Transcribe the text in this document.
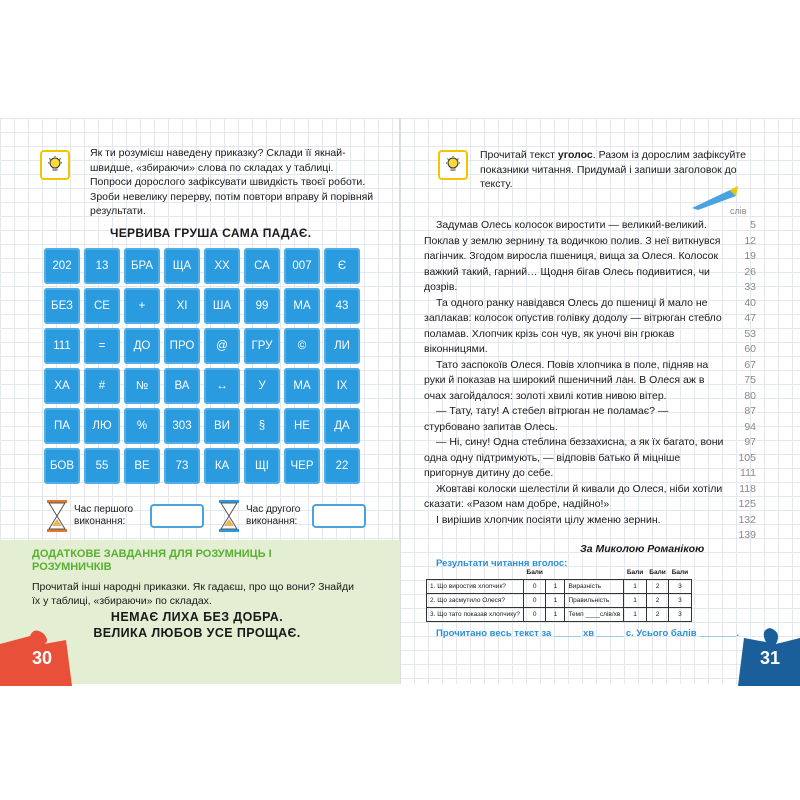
Як ти розумієш наведену приказку? Склади її якнайшвидше, «збираючи» слова по складах у таблиці. Попроси дорослого зафіксувати швидкість твоєї роботи. Зроби невелику перерву, потім повтори вправу й порівняй результати.
ЧЕРВИВА ГРУША САМА ПАДАЄ.
202	13	БРА	ЩА	ХХ	СА	007	Є
БЕЗ	СЕ	+	ХІ	ША	99	МА	43
111	=	ДО	ПРО	@	ГРУ	©	ЛИ
ХА	#	№	ВА	↔	У	МА	ІХ
ПА	ЛЮ	%	303	ВИ	§	НЕ	ДА
БОВ	55	ВЕ	73	КА	ЩІ	ЧЕР	22
Час першого виконання:
Час другого виконання:
ДОДАТКОВЕ ЗАВДАННЯ ДЛЯ РОЗУМНИЦЬ І РОЗУМНИЧКІВ
Прочитай інші народні приказки. Як гадаєш, про що вони? Знайди їх у таблиці, «збираючи» по складах.
НЕМАЄ ЛИХА БЕЗ ДОБРА.
ВЕЛИКА ЛЮБОВ УСЕ ПРОЩАЄ.
30
Прочитай текст уголос. Разом із дорослим зафіксуйте показники читання. Придумай і запиши заголовок до тексту.
слів

Задумав Олесь колосок виростити — великий-великий. Поклав у землю зернину та водичкою полив. З неї виткнувся пагінчик. Згодом виросла пшениця, вища за Олеся. Колосок важкий такий, гарний… Щодня бігав Олесь подивитися, чи дозрів.

Та одного ранку навідався Олесь до пшениці й мало не заплакав: колосок опустив голівку додолу — вітрюган стебло поламав. Хлопчик крізь сон чув, як уночі він грюкав віконницями.

Тато заспокоїв Олеся. Повів хлопчика в поле, підняв на руки й показав на широкий пшеничний лан. В Олеся аж в очах загойдалося: золоті хвилі котив нивою вітер.

— Тату, тату! А стебел вітрюган не поламає? — стурбовано запитав Олесь.

— Ні, сину! Одна стеблина беззахисна, а як їх багато, вони одна одну підтримують, — відповів батько й міцніше пригорнув дитину до себе.

Жовтаві колоски шелестіли й кивали до Олеся, ніби хотіли сказати: «Разом нам добре, надійно!»

І вирішив хлопчик посіяти цілу жменю зернин.

5
12
19
26
33
40
47
53
60
67
75
80
87
94
97
105
111
118
125
132
139
За Миколою Романікою
Результати читання вголос:
	Бали			Бали	Бали	Бали
1. Що виростив хлопчик?	0	1	Виразність	1	2	3
2. Що засмутило Олеся?	0	1	Правильність	1	2	3
3. Що тато показав хлопчику?	0	1	Темп ____слів/хв	1	2	3
Прочитано весь текст за _____ хв _____ с. Усього балів _______.
31
